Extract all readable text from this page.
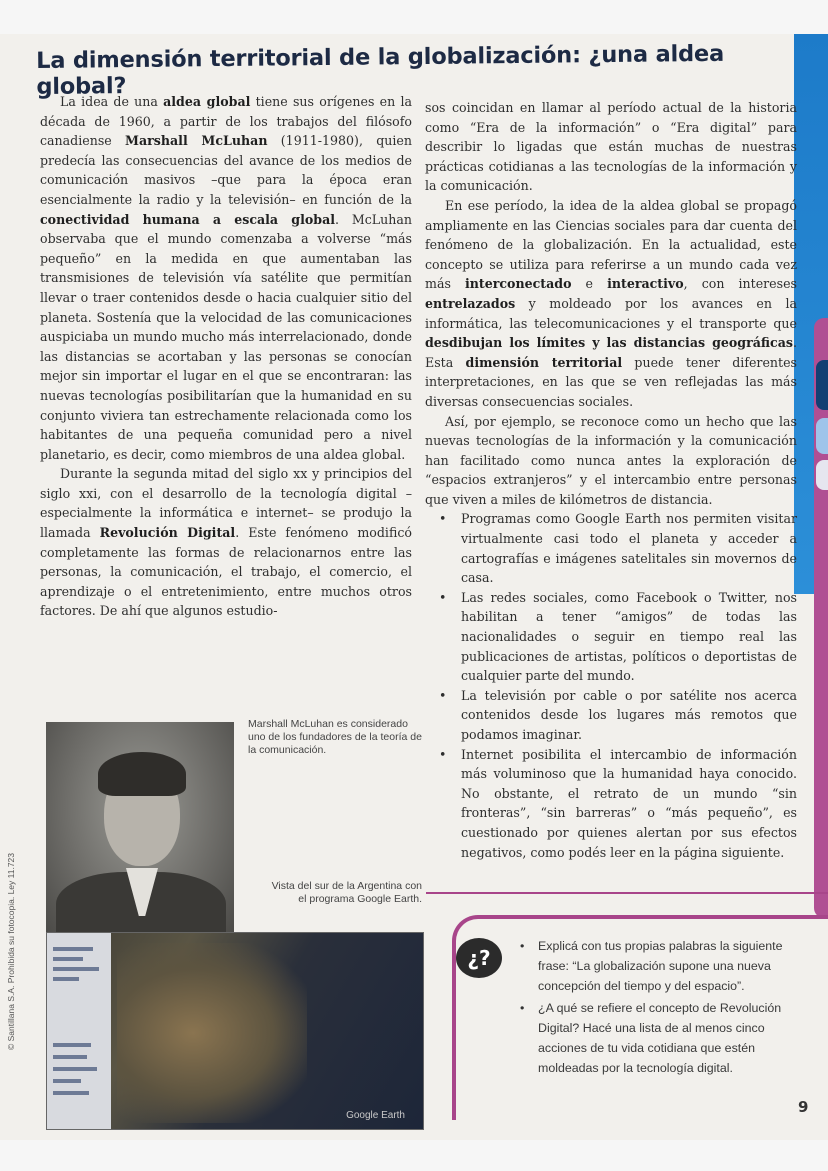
La dimensión territorial de la globalización: ¿una aldea global?

La idea de una aldea global tiene sus orígenes en la década de 1960, a partir de los trabajos del filósofo canadiense Marshall McLuhan (1911-1980), quien predecía las consecuencias del avance de los medios de comunicación masivos –que para la época eran esencialmente la radio y la televisión– en función de la conectividad humana a escala global. McLuhan observaba que el mundo comenzaba a volverse “más pequeño” en la medida en que aumentaban las transmisiones de televisión vía satélite que permitían llevar o traer contenidos desde o hacia cualquier sitio del planeta. Sostenía que la velocidad de las comunicaciones auspiciaba un mundo mucho más interrelacionado, donde las distancias se acortaban y las personas se conocían mejor sin importar el lugar en el que se encontraran: las nuevas tecnologías posibilitarían que la humanidad en su conjunto viviera tan estrechamente relacionada como los habitantes de una pequeña comunidad pero a nivel planetario, es decir, como miembros de una aldea global.

Durante la segunda mitad del siglo xx y principios del siglo xxi, con el desarrollo de la tecnología digital –especialmente la informática e internet– se produjo la llamada Revolución Digital. Este fenómeno modificó completamente las formas de relacionarnos entre las personas, la comunicación, el trabajo, el comercio, el aprendizaje o el entretenimiento, entre muchos otros factores. De ahí que algunos estudio-

sos coincidan en llamar al período actual de la historia como “Era de la información” o “Era digital” para describir lo ligadas que están muchas de nuestras prácticas cotidianas a las tecnologías de la información y la comunicación.

En ese período, la idea de la aldea global se propagó ampliamente en las Ciencias sociales para dar cuenta del fenómeno de la globalización. En la actualidad, este concepto se utiliza para referirse a un mundo cada vez más interconectado e interactivo, con intereses entrelazados y moldeado por los avances en la informática, las telecomunicaciones y el transporte que desdibujan los límites y las distancias geográficas. Esta dimensión territorial puede tener diferentes interpretaciones, en las que se ven reflejadas las más diversas consecuencias sociales.

Así, por ejemplo, se reconoce como un hecho que las nuevas tecnologías de la información y la comunicación han facilitado como nunca antes la exploración de “espacios extranjeros” y el intercambio entre personas que viven a miles de kilómetros de distancia.

• Programas como Google Earth nos permiten visitar virtualmente casi todo el planeta y acceder a cartografías e imágenes satelitales sin movernos de casa.
• Las redes sociales, como Facebook o Twitter, nos habilitan a tener “amigos” de todas las nacionalidades o seguir en tiempo real las publicaciones de artistas, políticos o deportistas de cualquier parte del mundo.
• La televisión por cable o por satélite nos acerca contenidos desde los lugares más remotos que podamos imaginar.
• Internet posibilita el intercambio de información más voluminoso que la humanidad haya conocido. No obstante, el retrato de un mundo “sin fronteras”, “sin barreras” o “más pequeño”, es cuestionado por quienes alertan por sus efectos negativos, como podés leer en la página siguiente.
Marshall McLuhan es considerado uno de los fundadores de la teoría de la comunicación.
Vista del sur de la Argentina con el programa Google Earth.
Google Earth
¿?
•	Explicá con tus propias palabras la siguiente frase: “La globalización supone una nueva concepción del tiempo y del espacio”.
• ¿A qué se refiere el concepto de Revolución Digital? Hacé una lista de al menos cinco acciones de tu vida cotidiana que estén moldeadas por la tecnología digital.
9
© Santillana S.A. Prohibida su fotocopia. Ley 11.723
